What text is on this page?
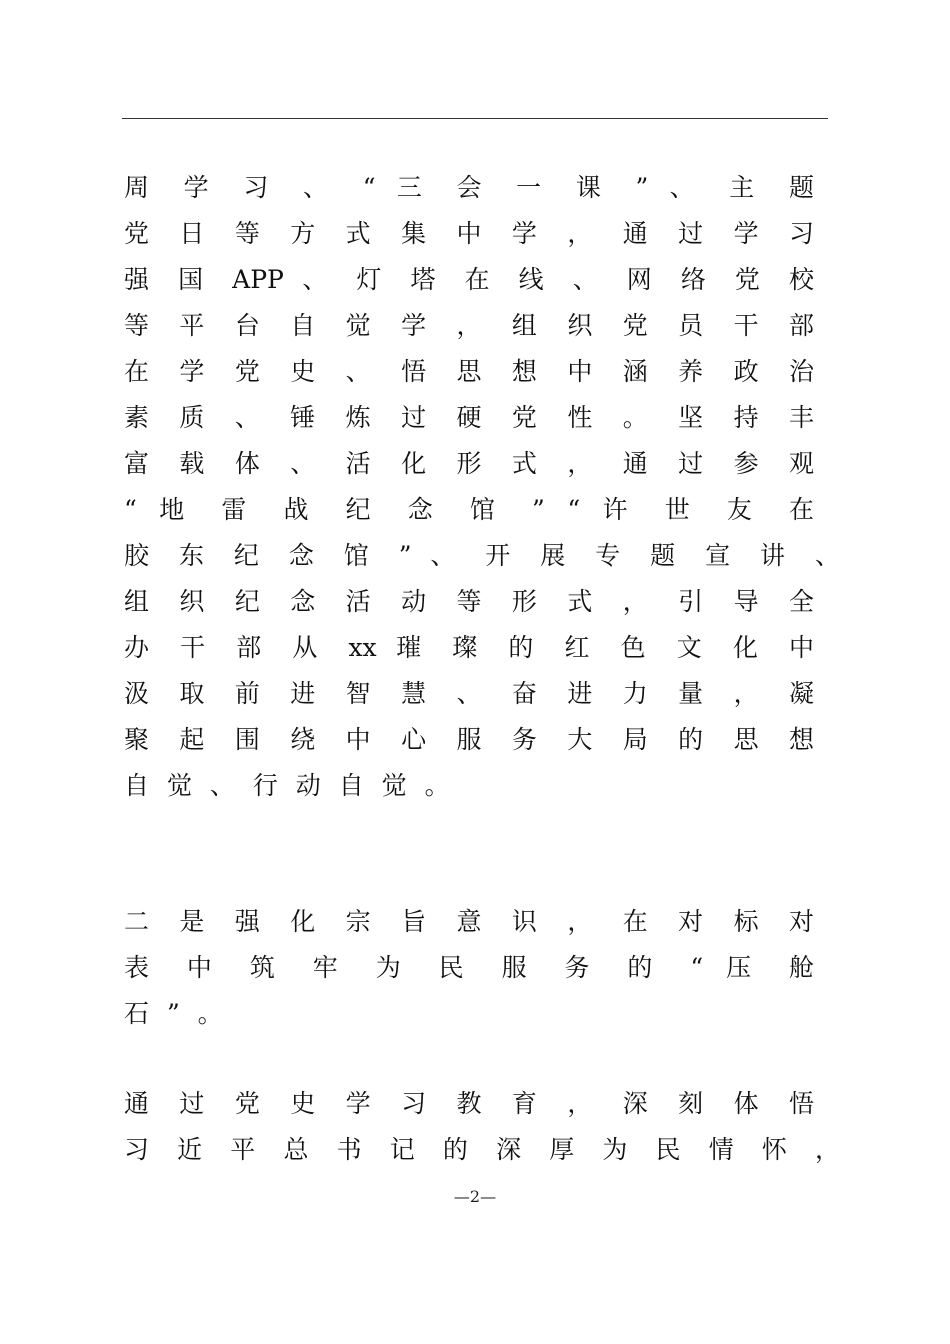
周 学 习 、 “ 三 会 一 课 ” 、 主 题
党 日 等 方 式 集 中 学 ， 通 过 学 习
强 国 APP 、 灯 塔 在 线 、 网 络 党 校
等 平 台 自 觉 学 ， 组 织 党 员 干 部
在 学 党 史 、 悟 思 想 中 涵 养 政 治
素 质 、 锤 炼 过 硬 党 性 。 坚 持 丰
富 载 体 、 活 化 形 式 ， 通 过 参 观
“ 地 雷 战 纪 念 馆 ” “ 许 世 友 在
胶 东 纪 念 馆 ” 、 开 展 专 题 宣 讲 、
组 织 纪 念 活 动 等 形 式 ， 引 导 全
办 干 部 从 xx 璀 璨 的 红 色 文 化 中
汲 取 前 进 智 慧 、 奋 进 力 量 ， 凝
聚 起 围 绕 中 心 服 务 大 局 的 思 想
自 觉 、 行 动 自 觉 。
二 是 强 化 宗 旨 意 识 ， 在 对 标 对
表 中 筑 牢 为 民 服 务 的 “ 压 舱
石 ” 。
通 过 党 史 学 习 教 育 ， 深 刻 体 悟
习 近 平 总 书 记 的 深 厚 为 民 情 怀 ，
—2—
